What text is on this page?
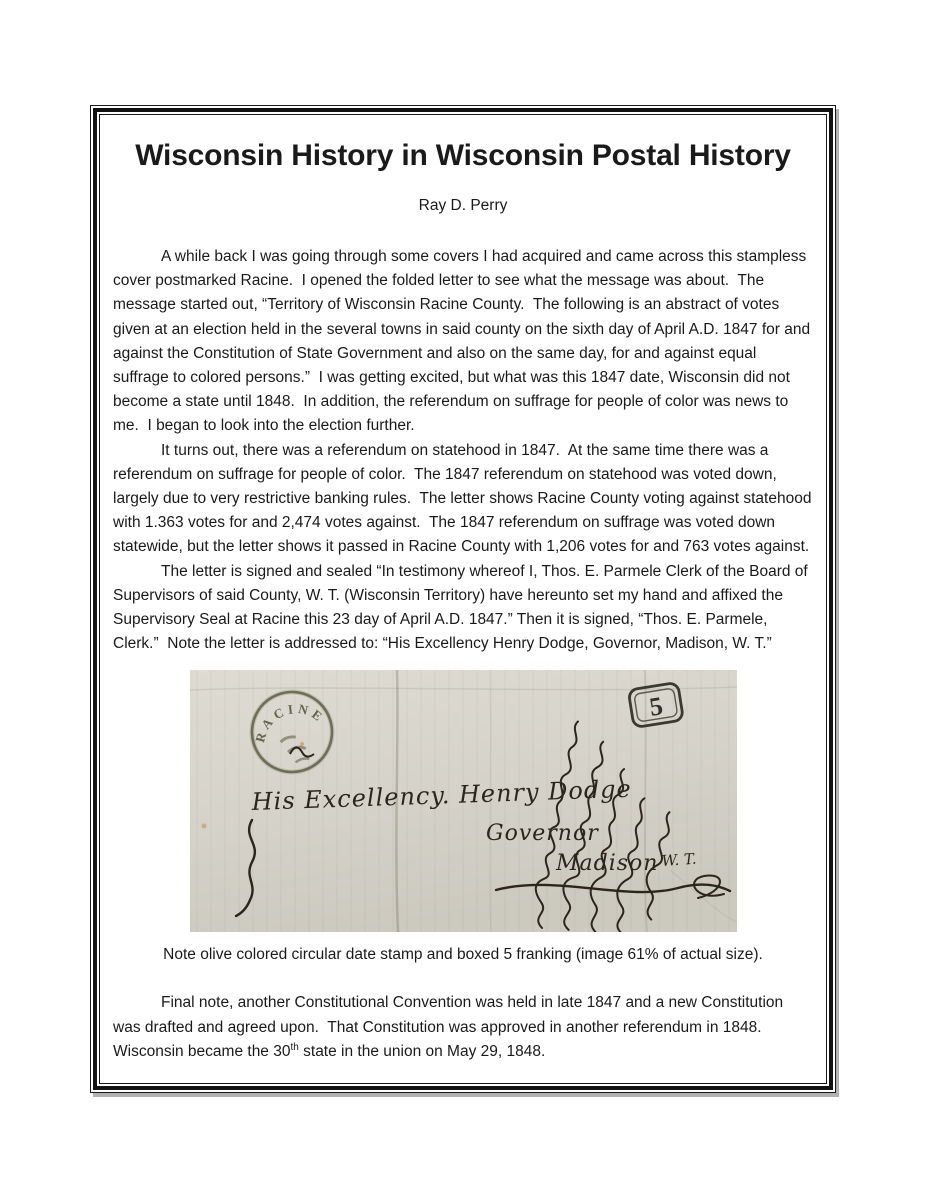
Wisconsin History in Wisconsin Postal History
Ray D. Perry

A while back I was going through some covers I had acquired and came across this stampless cover postmarked Racine.  I opened the folded letter to see what the message was about.  The message started out, “Territory of Wisconsin Racine County.  The following is an abstract of votes given at an election held in the several towns in said county on the sixth day of April A.D. 1847 for and against the Constitution of State Government and also on the same day, for and against equal suffrage to colored persons.”  I was getting excited, but what was this 1847 date, Wisconsin did not become a state until 1848.  In addition, the referendum on suffrage for people of color was news to me.  I began to look into the election further.

It turns out, there was a referendum on statehood in 1847.  At the same time there was a referendum on suffrage for people of color.  The 1847 referendum on statehood was voted down, largely due to very restrictive banking rules.  The letter shows Racine County voting against statehood with 1.363 votes for and 2,474 votes against.  The 1847 referendum on suffrage was voted down statewide, but the letter shows it passed in Racine County with 1,206 votes for and 763 votes against.

The letter is signed and sealed “In testimony whereof I, Thos. E. Parmele Clerk of the Board of Supervisors of said County, W. T. (Wisconsin Territory) have hereunto set my hand and affixed the Supervisory Seal at Racine this 23 day of April A.D. 1847.” Then it is signed, “Thos. E. Parmele, Clerk.”  Note the letter is addressed to: “His Excellency Henry Dodge, Governor, Madison, W. T.”

RACINE	5
His Excellency. Henry Dodge
Governor
Madison W. T.

Note olive colored circular date stamp and boxed 5 franking (image 61% of actual size).

Final note, another Constitutional Convention was held in late 1847 and a new Constitution was drafted and agreed upon.  That Constitution was approved in another referendum in 1848.  Wisconsin became the 30th state in the union on May 29, 1848.
